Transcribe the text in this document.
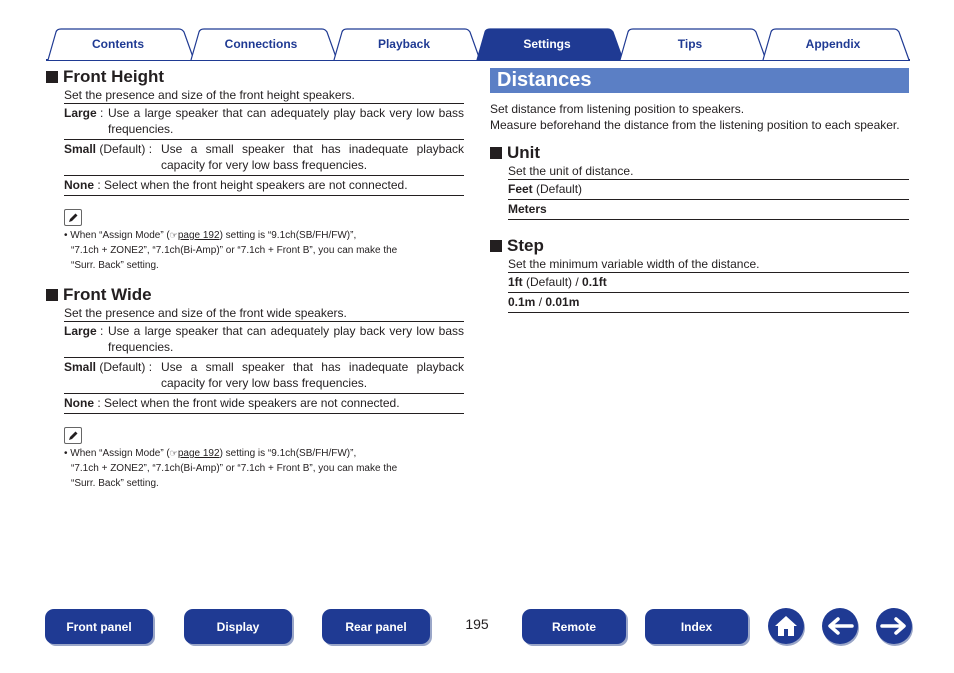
Contents	Connections	Playback	Settings	Tips	Appendix
Front Height
Set the presence and size of the front height speakers.
Large : Use a large speaker that can adequately play back very low bass frequencies.
Small (Default) : Use a small speaker that has inadequate playback capacity for very low bass frequencies.
None : Select when the front height speakers are not connected.
• When “Assign Mode” (☞page 192) setting is “9.1ch(SB/FH/FW)”,
“7.1ch + ZONE2”, “7.1ch(Bi-Amp)” or “7.1ch + Front B”, you can make the
“Surr. Back” setting.
Front Wide
Set the presence and size of the front wide speakers.
Large : Use a large speaker that can adequately play back very low bass frequencies.
Small (Default) : Use a small speaker that has inadequate playback capacity for very low bass frequencies.
None : Select when the front wide speakers are not connected.
• When “Assign Mode” (☞page 192) setting is “9.1ch(SB/FH/FW)”,
“7.1ch + ZONE2”, “7.1ch(Bi-Amp)” or “7.1ch + Front B”, you can make the
“Surr. Back” setting.
Distances
Set distance from listening position to speakers.
Measure beforehand the distance from the listening position to each speaker.
Unit
Set the unit of distance.
Feet (Default)
Meters
Step
Set the minimum variable width of the distance.
1ft (Default) / 0.1ft
0.1m / 0.01m
Front panel	Display	Rear panel	195	Remote	Index
